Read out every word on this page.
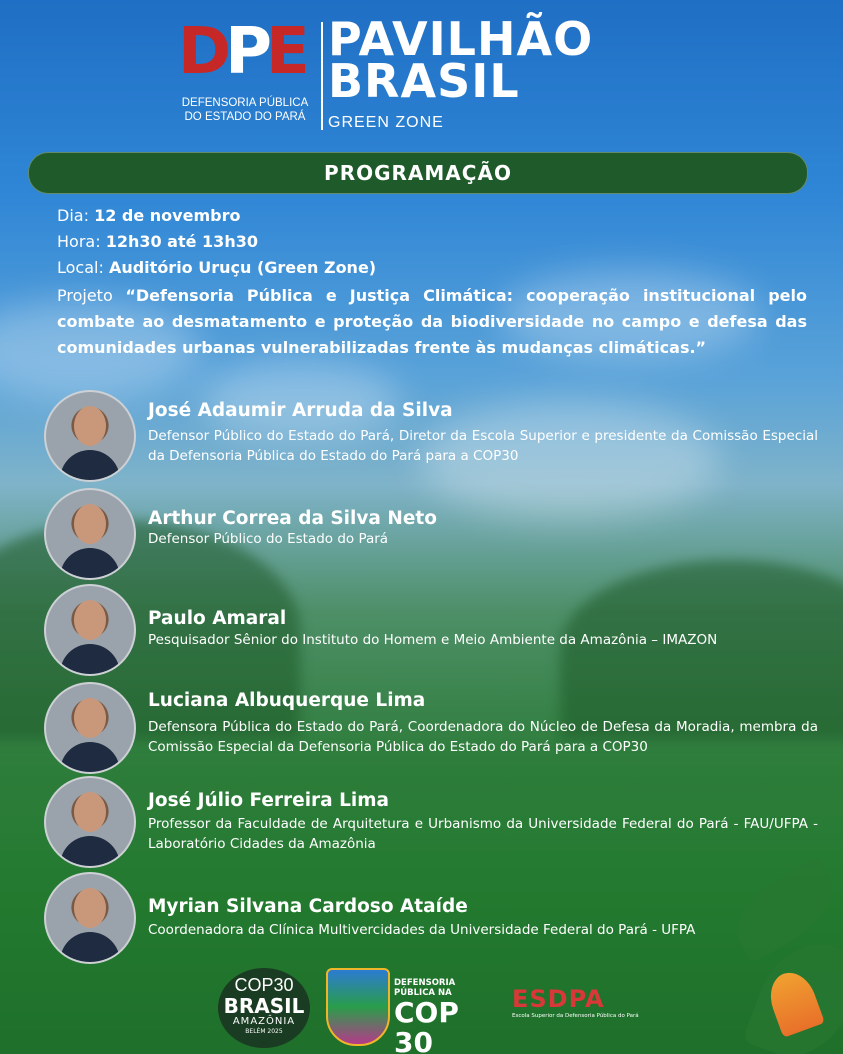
DPE
DEFENSORIA PÚBLICA
DO ESTADO DO PARÁ
PAVILHÃO
BRASIL
GREEN ZONE
PROGRAMAÇÃO
Dia: 12 de novembro
Hora: 12h30 até 13h30
Local: Auditório Uruçu (Green Zone)
Projeto “Defensoria Pública e Justiça Climática: cooperação institucional pelo combate ao desmatamento e proteção da biodiversidade no campo e defesa das comunidades urbanas vulnerabilizadas frente às mudanças climáticas.”
José Adaumir Arruda da Silva
Defensor Público do Estado do Pará, Diretor da Escola Superior e presidente da Comissão Especial da Defensoria Pública do Estado do Pará para a COP30
Arthur Correa da Silva Neto
Defensor Público do Estado do Pará
Paulo Amaral
Pesquisador Sênior do Instituto do Homem e Meio Ambiente da Amazônia – IMAZON
Luciana Albuquerque Lima
Defensora Pública do Estado do Pará, Coordenadora do Núcleo de Defesa da Moradia, membra da Comissão Especial da Defensoria Pública do Estado do Pará para a COP30
José Júlio Ferreira Lima
Professor da Faculdade de Arquitetura e Urbanismo da Universidade Federal do Pará - FAU/UFPA - Laboratório Cidades da Amazônia
Myrian Silvana Cardoso Ataíde
Coordenadora da Clínica Multivercidades da Universidade Federal do Pará - UFPA
COP30
BRASIL
AMAZÔNIA
BELÉM 2025
DEFENSORIA PÚBLICA NA
COP 30
ESDPA
Escola Superior da Defensoria Pública do Pará
